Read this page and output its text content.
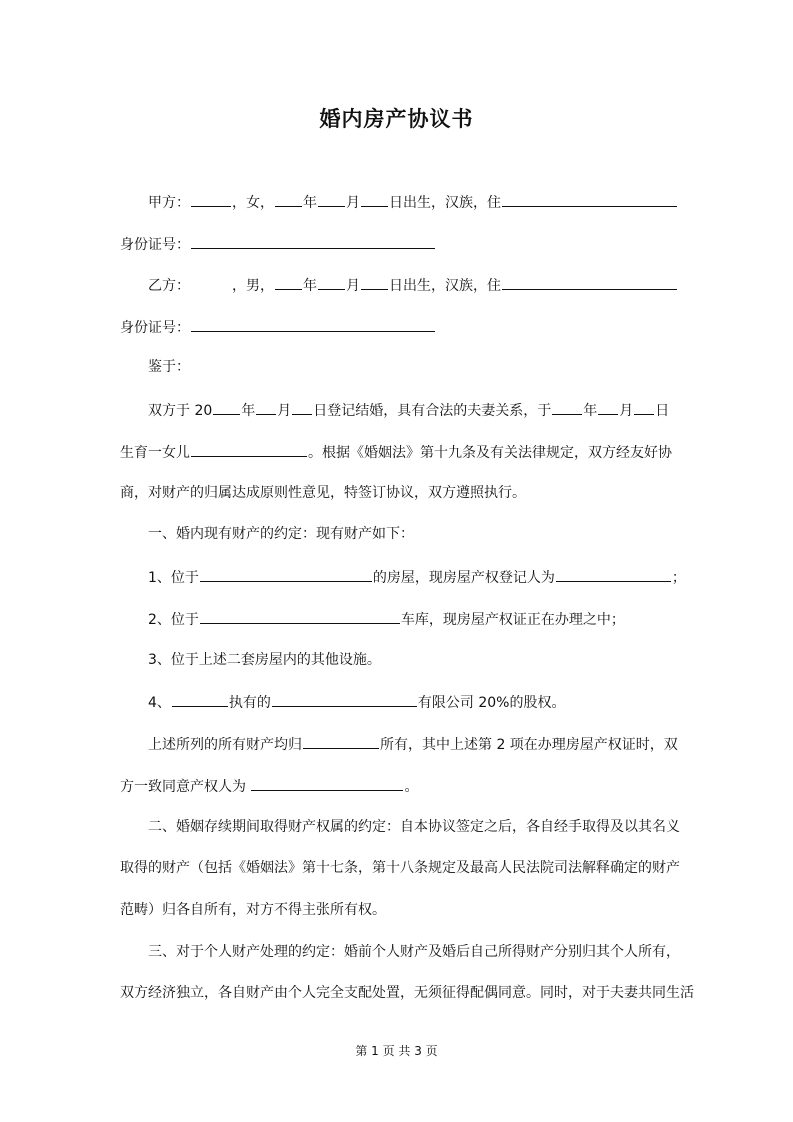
婚内房产协议书
甲方：	，女， 年 月 日出生，汉族，住
身份证号：
乙方：	，男， 年 月 日出生，汉族，住
身份证号：
鉴于：
双方于 20 年 月 日登记结婚，具有合法的夫妻关系，于 年 月 日
生育一女儿	。根据《婚姻法》第十九条及有关法律规定，双方经友好协
商，对财产的归属达成原则性意见，特签订协议，双方遵照执行。
一、婚内现有财产的约定：现有财产如下：
1、位于	的房屋，现房屋产权登记人为	；
2、位于	车库，现房屋产权证正在办理之中；
3、位于上述二套房屋内的其他设施。
4、	执有的	有限公司 20%的股权。
上述所列的所有财产均归	所有，其中上述第 2 项在办理房屋产权证时，双
方一致同意产权人为	。
二、婚姻存续期间取得财产权属的约定：自本协议签定之后，各自经手取得及以其名义
取得的财产（包括《婚姻法》第十七条，第十八条规定及最高人民法院司法解释确定的财产
范畴）归各自所有，对方不得主张所有权。
三、对于个人财产处理的约定：婚前个人财产及婚后自己所得财产分别归其个人所有，
双方经济独立，各自财产由个人完全支配处置，无须征得配偶同意。同时，对于夫妻共同生活
第 1 页 共 3 页
